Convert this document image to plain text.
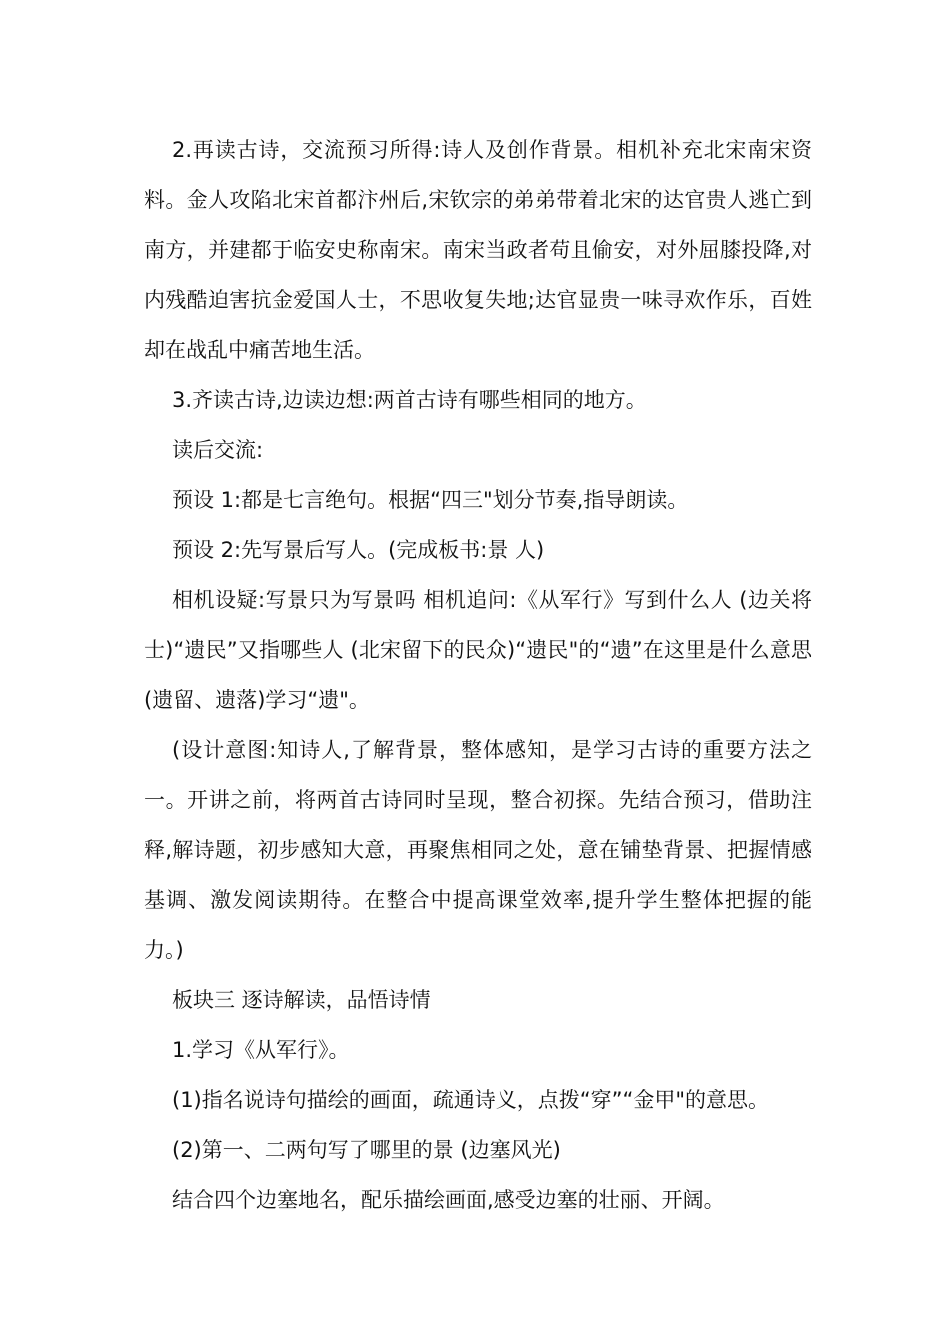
2.再读古诗，交流预习所得:诗人及创作背景。相机补充北宋南宋资料。金人攻陷北宋首都汴州后,宋钦宗的弟弟带着北宋的达官贵人逃亡到南方，并建都于临安史称南宋。南宋当政者苟且偷安，对外屈膝投降,对内残酷迫害抗金爱国人士，不思收复失地;达官显贵一味寻欢作乐，百姓却在战乱中痛苦地生活。

3.齐读古诗,边读边想:两首古诗有哪些相同的地方。

读后交流:

预设 1:都是七言绝句。根据“四三"划分节奏,指导朗读。

预设 2:先写景后写人。(完成板书:景 人)

相机设疑:写景只为写景吗 相机追问:《从军行》写到什么人 (边关将士)“遗民”又指哪些人 (北宋留下的民众)“遗民"的“遗”在这里是什么意思 (遗留、遗落)学习“遗"。

(设计意图:知诗人,了解背景，整体感知，是学习古诗的重要方法之一。开讲之前，将两首古诗同时呈现，整合初探。先结合预习，借助注释,解诗题，初步感知大意，再聚焦相同之处，意在铺垫背景、把握情感基调、激发阅读期待。在整合中提高课堂效率,提升学生整体把握的能力。)

板块三 逐诗解读，品悟诗情

1.学习《从军行》。

(1)指名说诗句描绘的画面，疏通诗义，点拨“穿”“金甲"的意思。

(2)第一、二两句写了哪里的景 (边塞风光)

结合四个边塞地名，配乐描绘画面,感受边塞的壮丽、开阔。
